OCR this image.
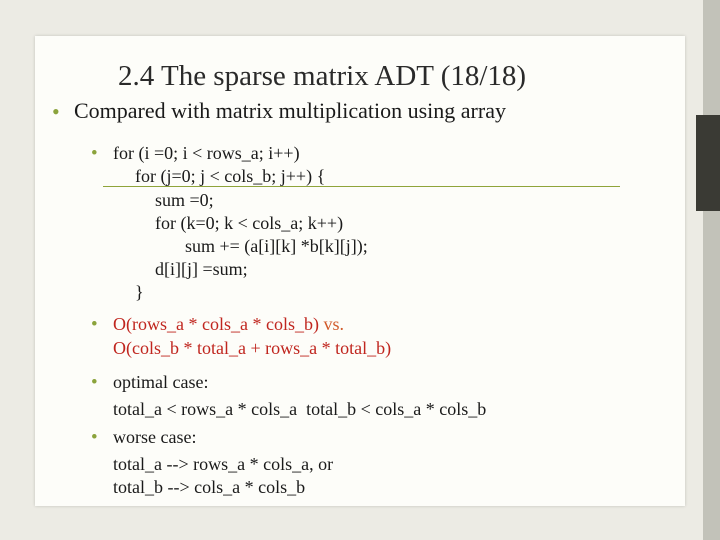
2.4 The sparse matrix ADT (18/18)
• Compared with matrix multiplication using array
• for (i =0; i < rows_a; i++)
for (j=0; j < cols_b; j++) {
sum =0;
for (k=0; k < cols_a; k++)
sum += (a[i][k] *b[k][j]);
d[i][j] =sum;
}
• O(rows_a * cols_a * cols_b) vs.
O(cols_b * total_a + rows_a * total_b)
• optimal case:
total_a < rows_a * cols_a  total_b < cols_a * cols_b
• worse case:
total_a --> rows_a * cols_a, or
total_b --> cols_a * cols_b
